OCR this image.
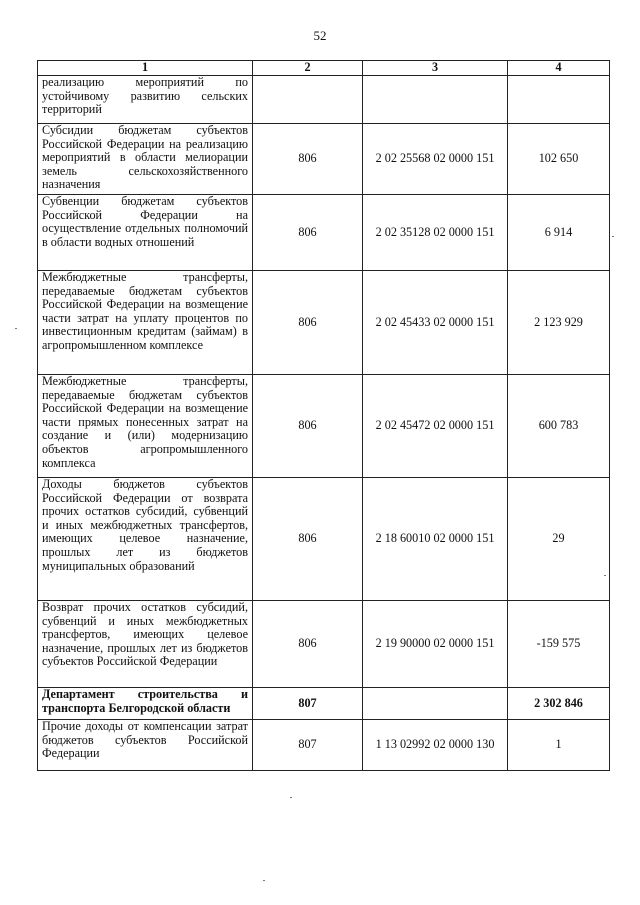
52
1	2	3	4
реализацию мероприятий по устойчивому развитию сельских территорий			
Субсидии бюджетам субъектов Российской Федерации на реализацию мероприятий в области мелиорации земель сельскохозяйственного назначения	806	2 02 25568 02 0000 151	102 650
Субвенции бюджетам субъектов Российской Федерации на осуществление отдельных полномочий в области водных отношений	806	2 02 35128 02 0000 151	6 914
Межбюджетные трансферты, передаваемые бюджетам субъектов Российской Федерации на возмещение части затрат на уплату процентов по инвестиционным кредитам (займам) в агропромышленном комплексе	806	2 02 45433 02 0000 151	2 123 929
Межбюджетные трансферты, передаваемые бюджетам субъектов Российской Федерации на возмещение части прямых понесенных затрат на создание и (или) модернизацию объектов агропромышленного комплекса	806	2 02 45472 02 0000 151	600 783
Доходы бюджетов субъектов Российской Федерации от возврата прочих остатков субсидий, субвенций и иных межбюджетных трансфертов, имеющих целевое назначение, прошлых лет из бюджетов муниципальных образований	806	2 18 60010 02 0000 151	29
Возврат прочих остатков субсидий, субвенций и иных межбюджетных трансфертов, имеющих целевое назначение, прошлых лет из бюджетов субъектов Российской Федерации	806	2 19 90000 02 0000 151	-159 575
Департамент строительства и транспорта Белгородской области	807		2 302 846
Прочие доходы от компенсации затрат бюджетов субъектов Российской Федерации	807	1 13 02992 02 0000 130	1
